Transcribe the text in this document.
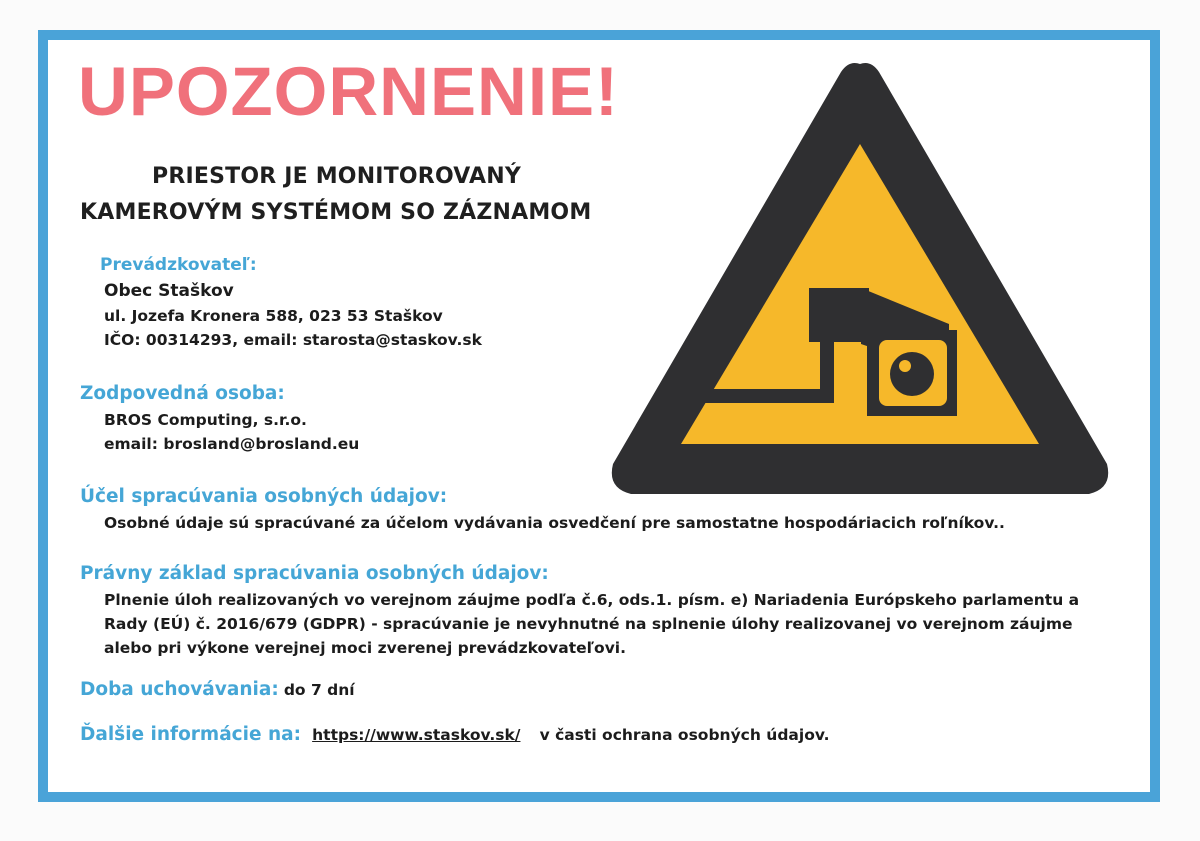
UPOZORNENIE!
PRIESTOR JE MONITOROVANÝ
KAMEROVÝM SYSTÉMOM SO ZÁZNAMOM
Prevádzkovateľ:
Obec Staškov
ul. Jozefa Kronera 588, 023 53 Staškov
IČO: 00314293, email: starosta@staskov.sk
Zodpovedná osoba:
BROS Computing, s.r.o.
email: brosland@brosland.eu
Účel spracúvania osobných údajov:
Osobné údaje sú spracúvané za účelom vydávania osvedčení pre samostatne hospodáriacich roľníkov..
Právny základ spracúvania osobných údajov:
Plnenie úloh realizovaných vo verejnom záujme podľa č.6, ods.1. písm. e) Nariadenia Európskeho parlamentu a
Rady (EÚ) č. 2016/679 (GDPR) - spracúvanie je nevyhnutné na splnenie úlohy realizovanej vo verejnom záujme
alebo pri výkone verejnej moci zverenej prevádzkovateľovi.
Doba uchovávania: do 7 dní
Ďalšie informácie na: https://www.staskov.sk/ v časti ochrana osobných údajov.
